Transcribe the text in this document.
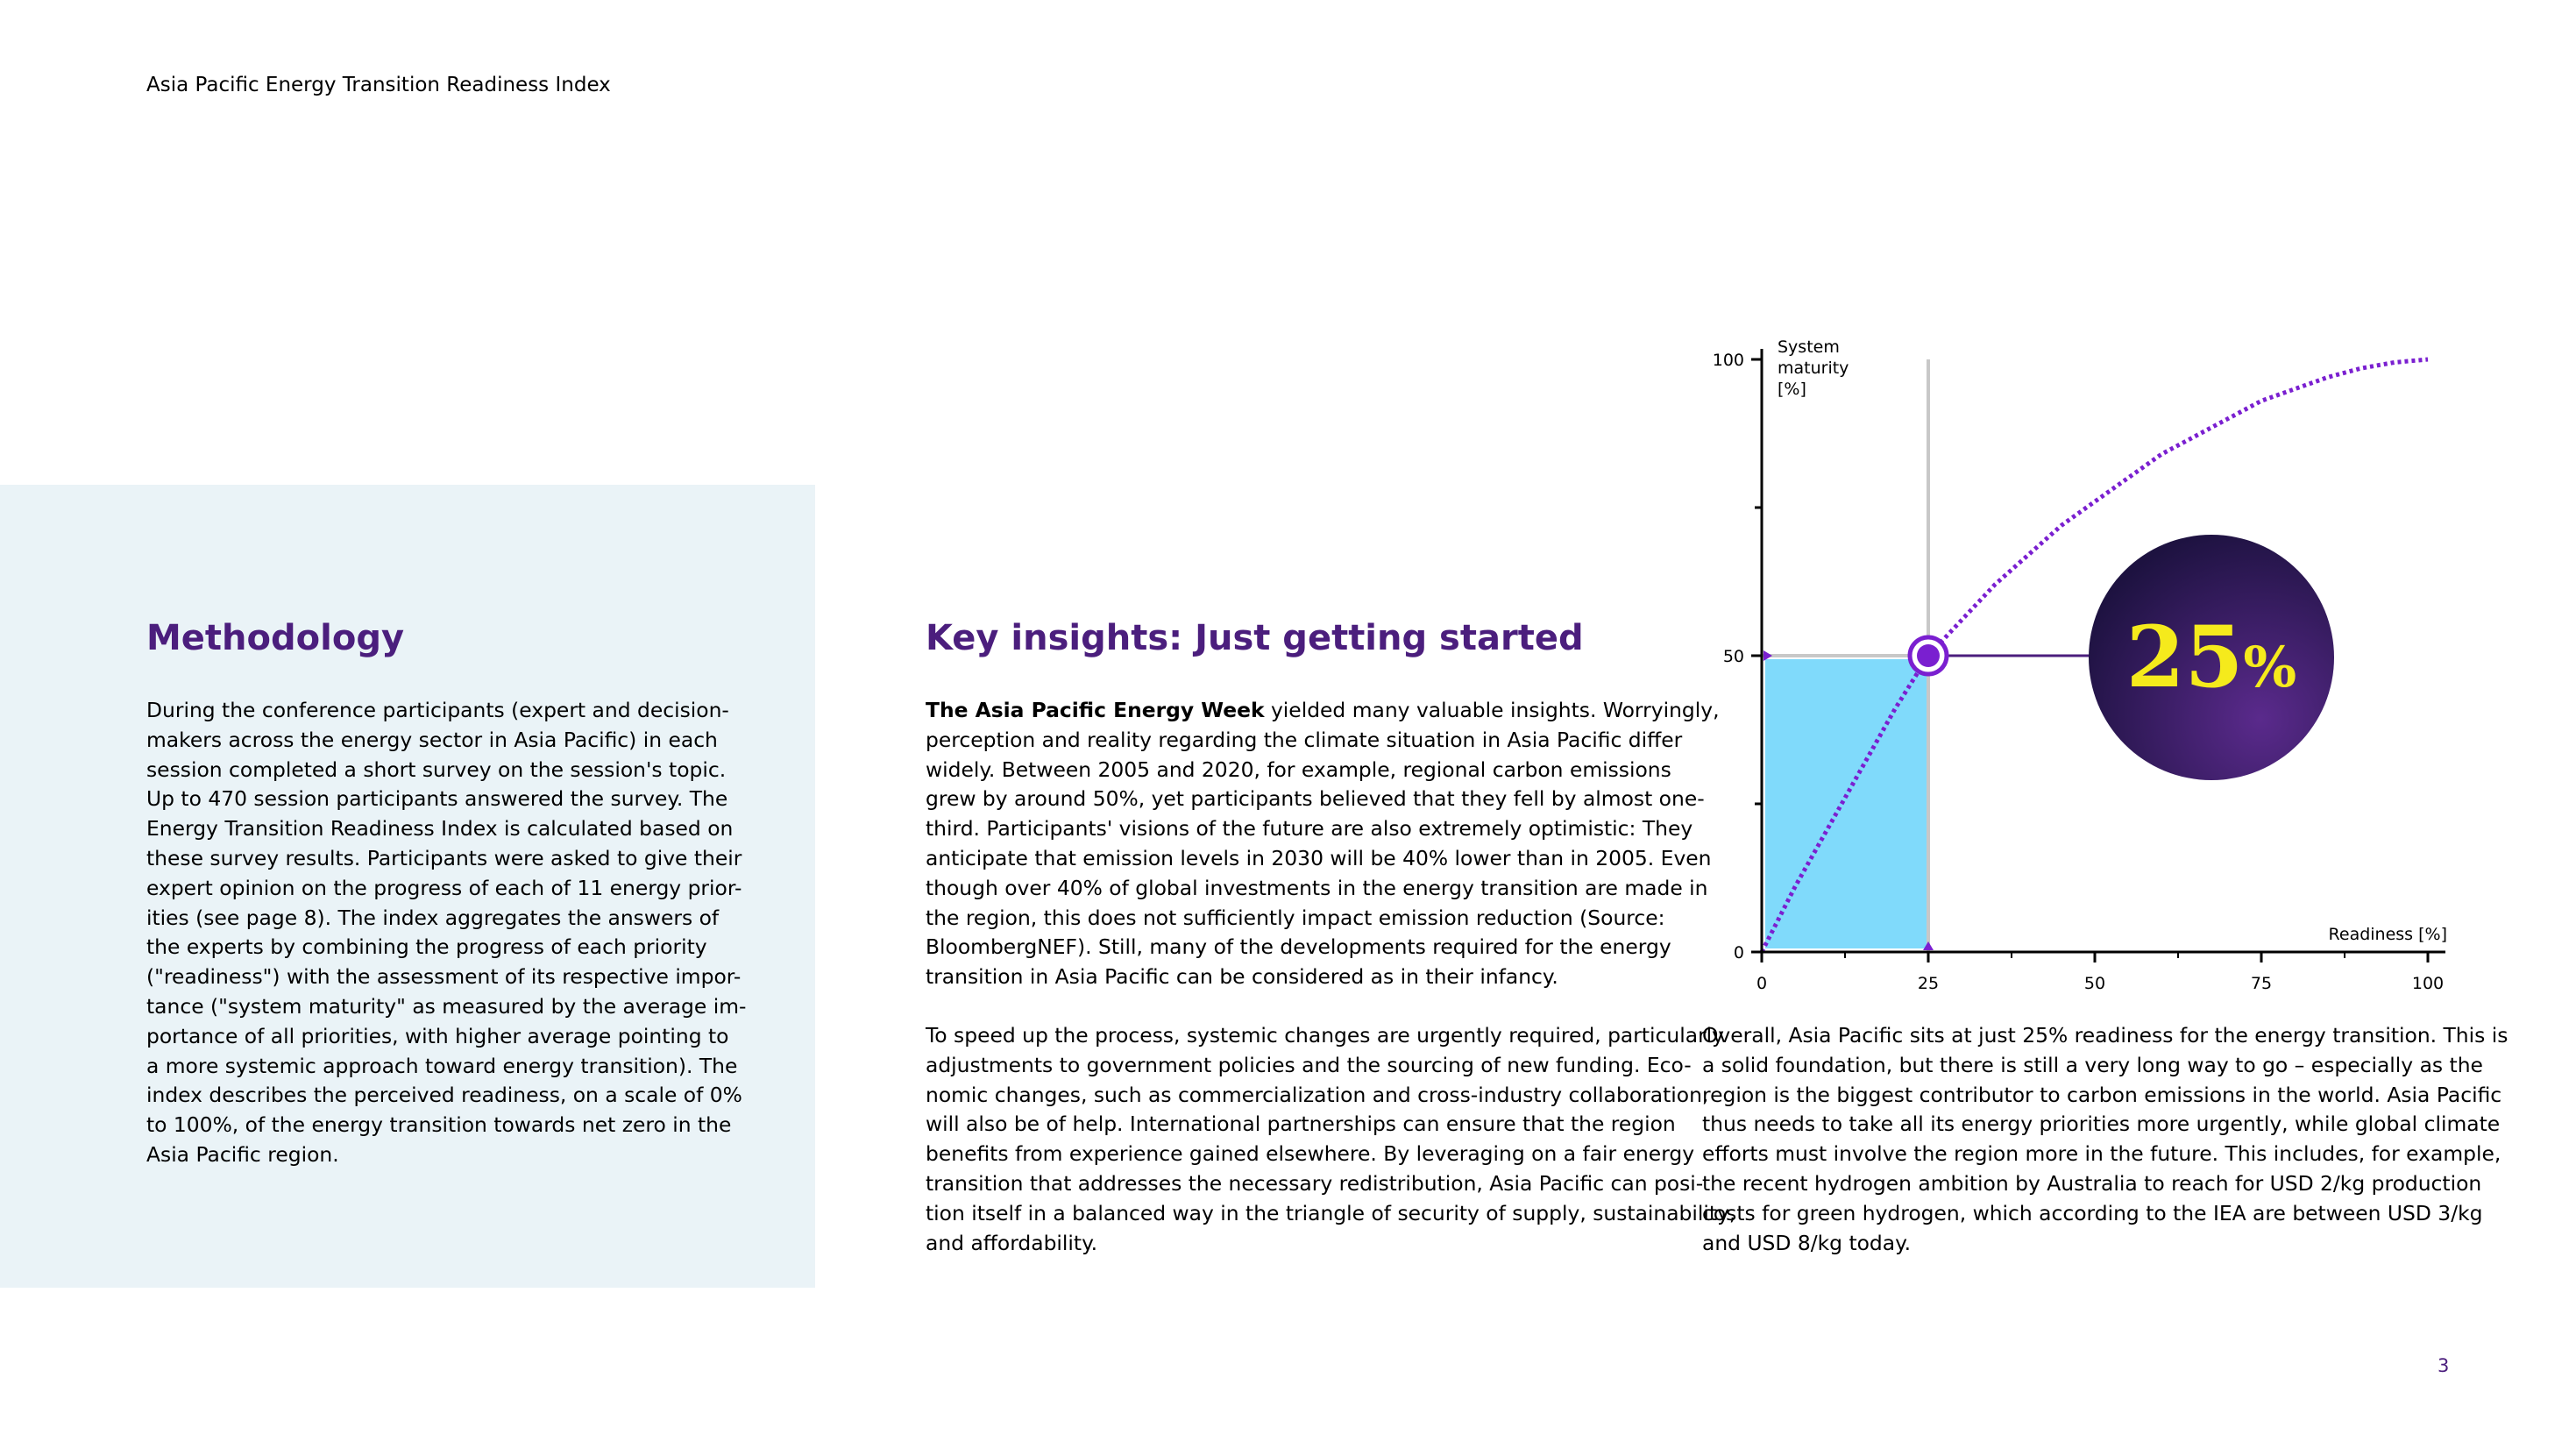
Asia Pacific Energy Transition Readiness Index
Methodology

During the conference participants (expert and decision-

makers across the energy sector in Asia Pacific) in each

session completed a short survey on the session's topic.

Up to 470 session participants answered the survey. The

Energy Transition Readiness Index is calculated based on

these survey results. Participants were asked to give their

expert opinion on the progress of each of 11 energy prior-

ities (see page 8). The index aggregates the answers of

the experts by combining the progress of each priority

("readiness") with the assessment of its respective impor-

tance ("system maturity" as measured by the average im-

portance of all priorities, with higher average pointing to

a more systemic approach toward energy transition). The

index describes the perceived readiness, on a scale of 0%

to 100%, of the energy transition towards net zero in the

Asia Pacific region.

Key insights: Just getting started

The Asia Pacific Energy Week yielded many valuable insights. Worryingly,

perception and reality regarding the climate situation in Asia Pacific differ

widely. Between 2005 and 2020, for example, regional carbon emissions

grew by around 50%, yet participants believed that they fell by almost one-

third. Participants' visions of the future are also extremely optimistic: They

anticipate that emission levels in 2030 will be 40% lower than in 2005. Even

though over 40% of global investments in the energy transition are made in

the region, this does not sufficiently impact emission reduction (Source:

BloombergNEF). Still, many of the developments required for the energy

transition in Asia Pacific can be considered as in their infancy.

To speed up the process, systemic changes are urgently required, particularly

adjustments to government policies and the sourcing of new funding. Eco-

nomic changes, such as commercialization and cross-industry collaboration,

will also be of help. International partnerships can ensure that the region

benefits from experience gained elsewhere. By leveraging on a fair energy

transition that addresses the necessary redistribution, Asia Pacific can posi-

tion itself in a balanced way in the triangle of security of supply, sustainability,

and affordability.

Overall, Asia Pacific sits at just 25% readiness for the energy transition. This is

a solid foundation, but there is still a very long way to go – especially as the

region is the biggest contributor to carbon emissions in the world. Asia Pacific

thus needs to take all its energy priorities more urgently, while global climate

efforts must involve the region more in the future. This includes, for example,

the recent hydrogen ambition by Australia to reach for USD 2/kg production

costs for green hydrogen, which according to the IEA are between USD 3/kg

and USD 8/kg today.

0	25	50	75	100
0
50
100
System maturity [%]
Readiness [%]
25%
3
